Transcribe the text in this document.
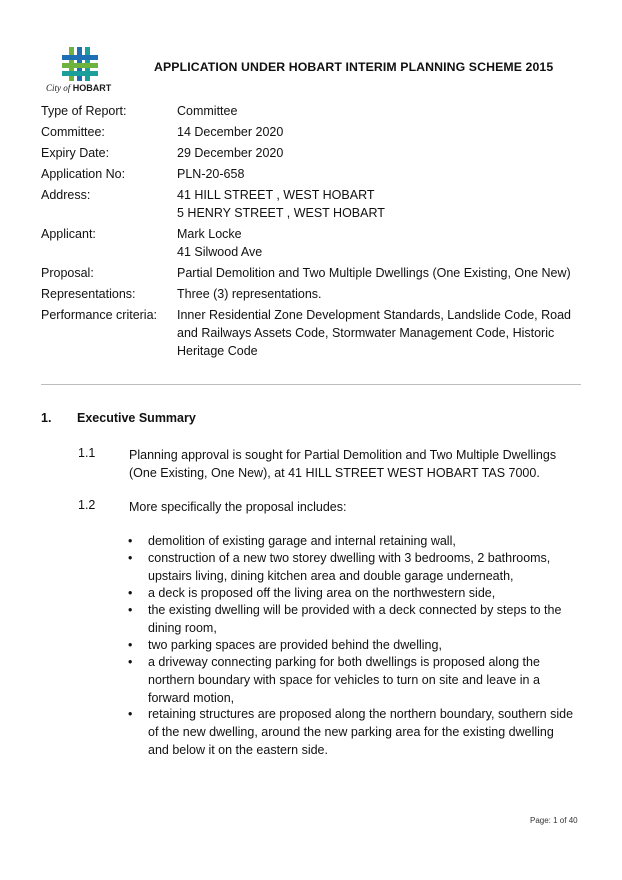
City of HOBART
APPLICATION UNDER HOBART INTERIM PLANNING SCHEME 2015
Type of Report:	Committee
Committee:	14 December 2020
Expiry Date:	29 December 2020
Application No:	PLN-20-658
Address:	41 HILL STREET , WEST HOBART
5 HENRY STREET , WEST HOBART
Applicant:	Mark Locke
41 Silwood Ave
Proposal:	Partial Demolition and Two Multiple Dwellings (One Existing, One New)
Representations:	Three (3) representations.
Performance criteria:	Inner Residential Zone Development Standards, Landslide Code, Road and Railways Assets Code, Stormwater Management Code, Historic Heritage Code
1. Executive Summary
1.1	Planning approval is sought for Partial Demolition and Two Multiple Dwellings (One Existing, One New), at 41 HILL STREET WEST HOBART TAS 7000.
1.2	More specifically the proposal includes:
• demolition of existing garage and internal retaining wall,
• construction of a new two storey dwelling with 3 bedrooms, 2 bathrooms, upstairs living, dining kitchen area and double garage underneath,
• a deck is proposed off the living area on the northwestern side,
• the existing dwelling will be provided with a deck connected by steps to the dining room,
• two parking spaces are provided behind the dwelling,
• a driveway connecting parking for both dwellings is proposed along the northern boundary with space for vehicles to turn on site and leave in a forward motion,
• retaining structures are proposed along the northern boundary, southern side of the new dwelling, around the new parking area for the existing dwelling and below it on the eastern side.
Page: 1 of 40
